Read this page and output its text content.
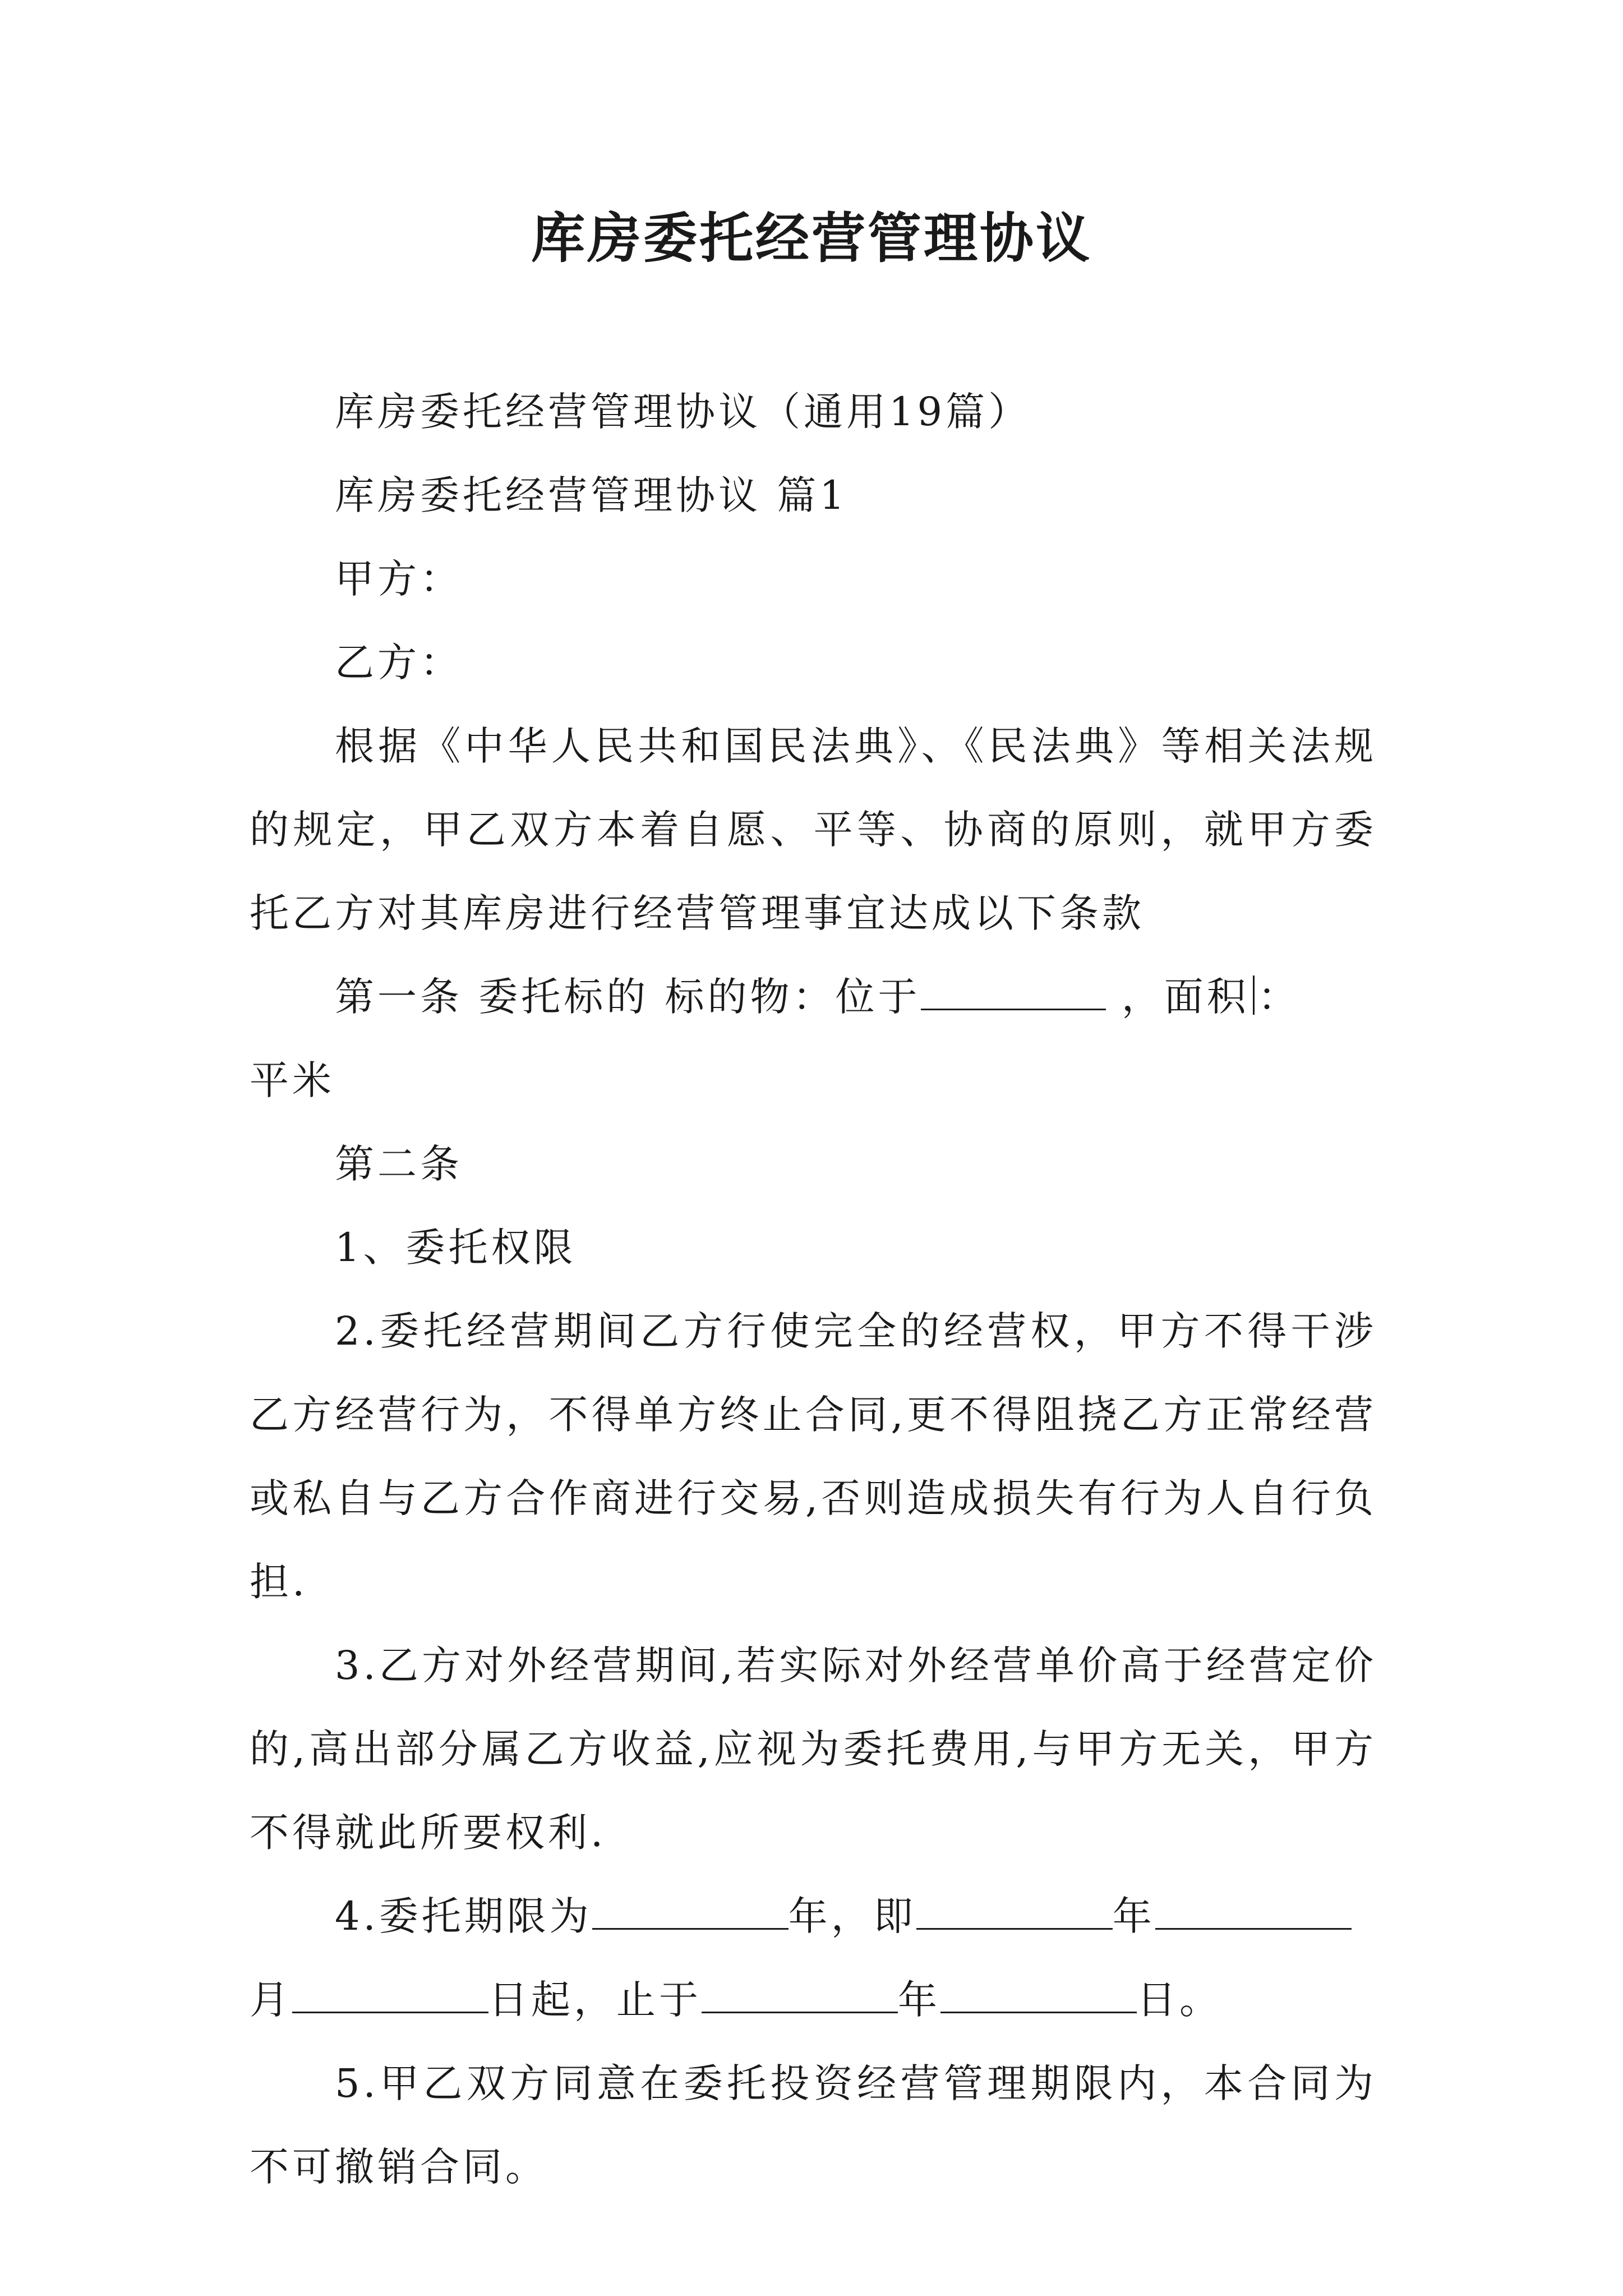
库房委托经营管理协议

库房委托经营管理协议（通用19篇）

库房委托经营管理协议 篇1

甲方：

乙方：

根据《中华人民共和国民法典》、《民法典》等相关法规的规定，甲乙双方本着自愿、平等、协商的原则，就甲方委托乙方对其库房进行经营管理事宜达成以下条款

第一条 委托标的 标的物：位于	，面积 ：
平米

第二条

1、委托权限

2.委托经营期间乙方行使完全的经营权，甲方不得干涉乙方经营行为，不得单方终止合同,更不得阻挠乙方正常经营或私自与乙方合作商进行交易,否则造成损失有行为人自行负担.

3.乙方对外经营期间,若实际对外经营单价高于经营定价的,高出部分属乙方收益,应视为委托费用,与甲方无关，甲方不得就此所要权利.

4.委托期限为	年，即	年
月	日起，止于	年	日。

5.甲乙双方同意在委托投资经营管理期限内，本合同为不可撤销合同。
